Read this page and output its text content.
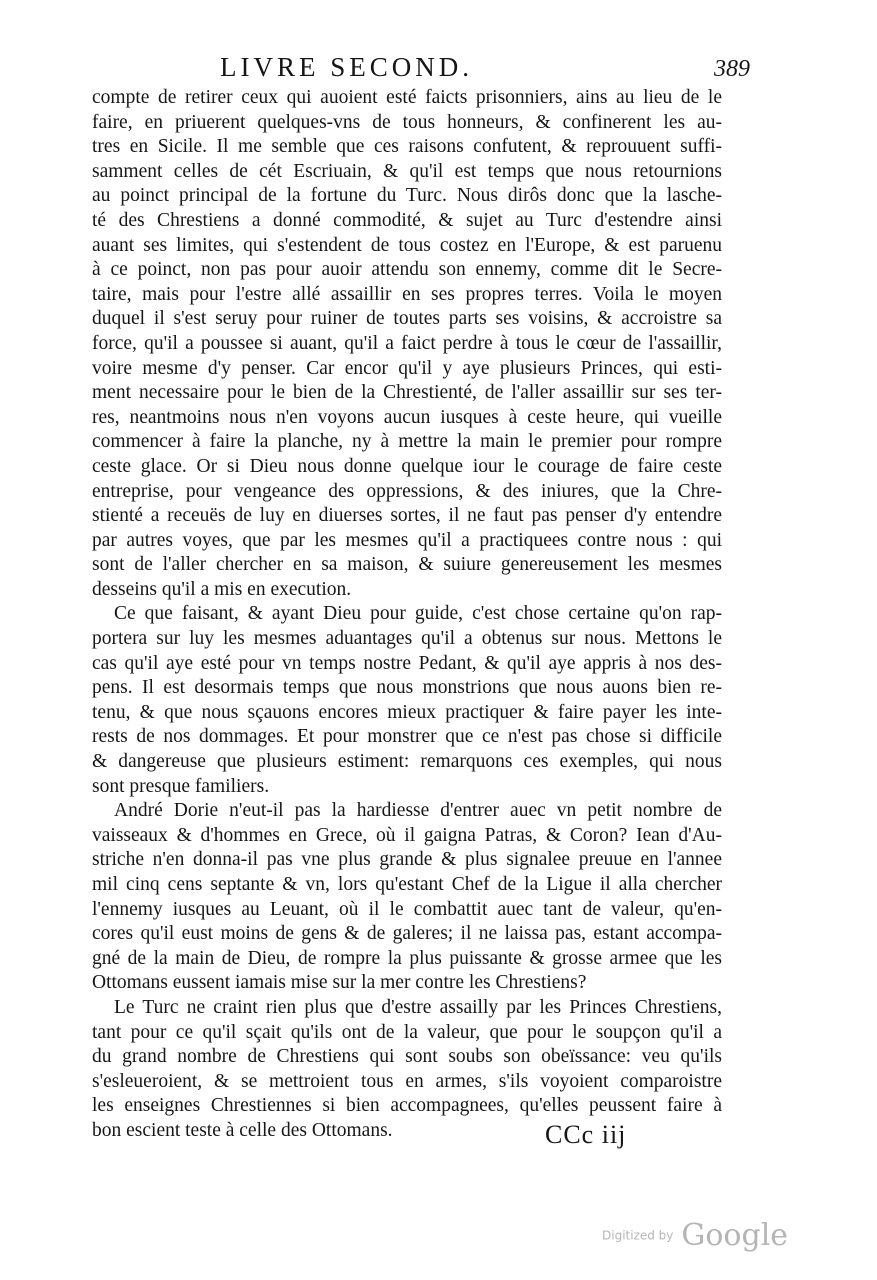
LIVRE SECOND.	389
compte de retirer ceux qui auoient esté faicts prisonniers, ains au lieu de le
faire, en priuerent quelques-vns de tous honneurs, & confinerent les au-
tres en Sicile. Il me semble que ces raisons confutent, & reprouuent suffi-
samment celles de cét Escriuain, & qu'il est temps que nous retournions
au poinct principal de la fortune du Turc. Nous dirôs donc que la lasche-
té des Chrestiens a donné commodité, & sujet au Turc d'estendre ainsi
auant ses limites, qui s'estendent de tous costez en l'Europe, & est paruenu
à ce poinct, non pas pour auoir attendu son ennemy, comme dit le Secre-
taire, mais pour l'estre allé assaillir en ses propres terres. Voila le moyen
duquel il s'est seruy pour ruiner de toutes parts ses voisins, & accroistre sa
force, qu'il a poussee si auant, qu'il a faict perdre à tous le cœur de l'assaillir,
voire mesme d'y penser. Car encor qu'il y aye plusieurs Princes, qui esti-
ment necessaire pour le bien de la Chrestienté, de l'aller assaillir sur ses ter-
res, neantmoins nous n'en voyons aucun iusques à ceste heure, qui vueille
commencer à faire la planche, ny à mettre la main le premier pour rompre
ceste glace. Or si Dieu nous donne quelque iour le courage de faire ceste
entreprise, pour vengeance des oppressions, & des iniures, que la Chre-
stienté a receuës de luy en diuerses sortes, il ne faut pas penser d'y entendre
par autres voyes, que par les mesmes qu'il a practiquees contre nous : qui
sont de l'aller chercher en sa maison, & suiure genereusement les mesmes
desseins qu'il a mis en execution.
Ce que faisant, & ayant Dieu pour guide, c'est chose certaine qu'on rap-
portera sur luy les mesmes aduantages qu'il a obtenus sur nous. Mettons le
cas qu'il aye esté pour vn temps nostre Pedant, & qu'il aye appris à nos des-
pens. Il est desormais temps que nous monstrions que nous auons bien re-
tenu, & que nous sçauons encores mieux practiquer & faire payer les inte-
rests de nos dommages. Et pour monstrer que ce n'est pas chose si difficile
& dangereuse que plusieurs estiment: remarquons ces exemples, qui nous
sont presque familiers.
André Dorie n'eut-il pas la hardiesse d'entrer auec vn petit nombre de
vaisseaux & d'hommes en Grece, où il gaigna Patras, & Coron? Iean d'Au-
striche n'en donna-il pas vne plus grande & plus signalee preuue en l'annee
mil cinq cens septante & vn, lors qu'estant Chef de la Ligue il alla chercher
l'ennemy iusques au Leuant, où il le combattit auec tant de valeur, qu'en-
cores qu'il eust moins de gens & de galeres; il ne laissa pas, estant accompa-
gné de la main de Dieu, de rompre la plus puissante & grosse armee que les
Ottomans eussent iamais mise sur la mer contre les Chrestiens?
Le Turc ne craint rien plus que d'estre assailly par les Princes Chrestiens,
tant pour ce qu'il sçait qu'ils ont de la valeur, que pour le soupçon qu'il a
du grand nombre de Chrestiens qui sont soubs son obeïssance: veu qu'ils
s'esleueroient, & se mettroient tous en armes, s'ils voyoient comparoistre
les enseignes Chrestiennes si bien accompagnees, qu'elles peussent faire à
bon escient teste à celle des Ottomans.	CCc iij
Digitized by Google
